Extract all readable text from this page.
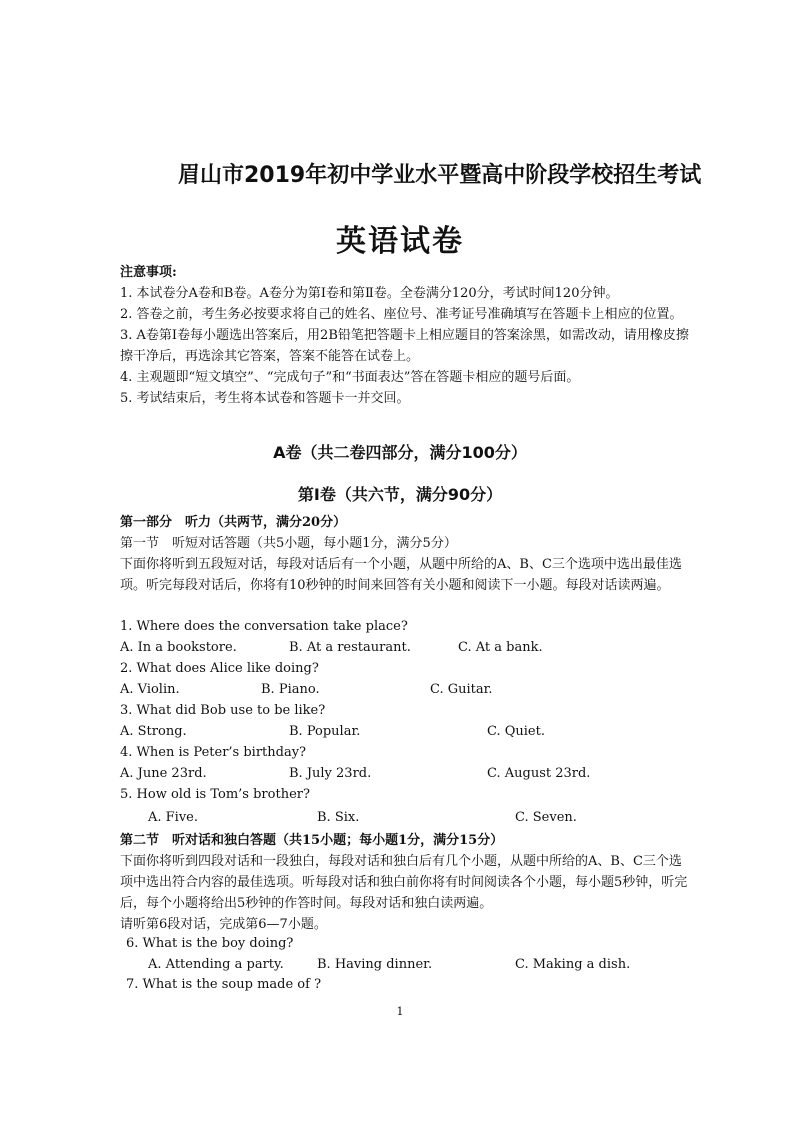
眉山市2019年初中学业水平暨高中阶段学校招生考试
英语试卷
注意事项:
1. 本试卷分A卷和B卷。A卷分为第I卷和第Ⅱ卷。全卷满分120分，考试时间120分钟。
2. 答卷之前，考生务必按要求将自己的姓名、座位号、准考证号准确填写在答题卡上相应的位置。
3. A卷第I卷每小题选出答案后，用2B铅笔把答题卡上相应题目的答案涂黑，如需改动，请用橡皮擦擦干净后，再选涂其它答案，答案不能答在试卷上。
4. 主观题即“短文填空”、“完成句子”和“书面表达”答在答题卡相应的题号后面。
5. 考试结束后，考生将本试卷和答题卡一并交回。
A卷（共二卷四部分，满分100分）
第I卷（共六节，满分90分）
第一部分　听力（共两节，满分20分）
第一节　听短对话答题（共5小题，每小题1分，满分5分）
下面你将听到五段短对话，每段对话后有一个小题，从题中所给的A、B、C三个选项中选出最佳选项。听完每段对话后，你将有10秒钟的时间来回答有关小题和阅读下一小题。每段对话读两遍。
1. Where does the conversation take place?
A. In a bookstore.	B. At a restaurant.	C. At a bank.
2. What does Alice like doing?
A. Violin.	B. Piano.	C. Guitar.
3. What did Bob use to be like?
A. Strong.	B. Popular.	C. Quiet.
4. When is Peter’s birthday?
A. June 23rd.	B. July 23rd.	C. August 23rd.
5. How old is Tom’s brother?
A. Five.	B. Six.	C. Seven.
第二节　听对话和独白答题（共15小题；每小题1分，满分15分）
下面你将听到四段对话和一段独白，每段对话和独白后有几个小题，从题中所给的A、B、C三个选项中选出符合内容的最佳选项。听每段对话和独白前你将有时间阅读各个小题，每小题5秒钟，听完后，每个小题将给出5秒钟的作答时间。每段对话和独白读两遍。
请听第6段对话，完成第6—7小题。
6. What is the boy doing?
A. Attending a party.	B. Having dinner.	C. Making a dish.
7. What is the soup made of ?
1
